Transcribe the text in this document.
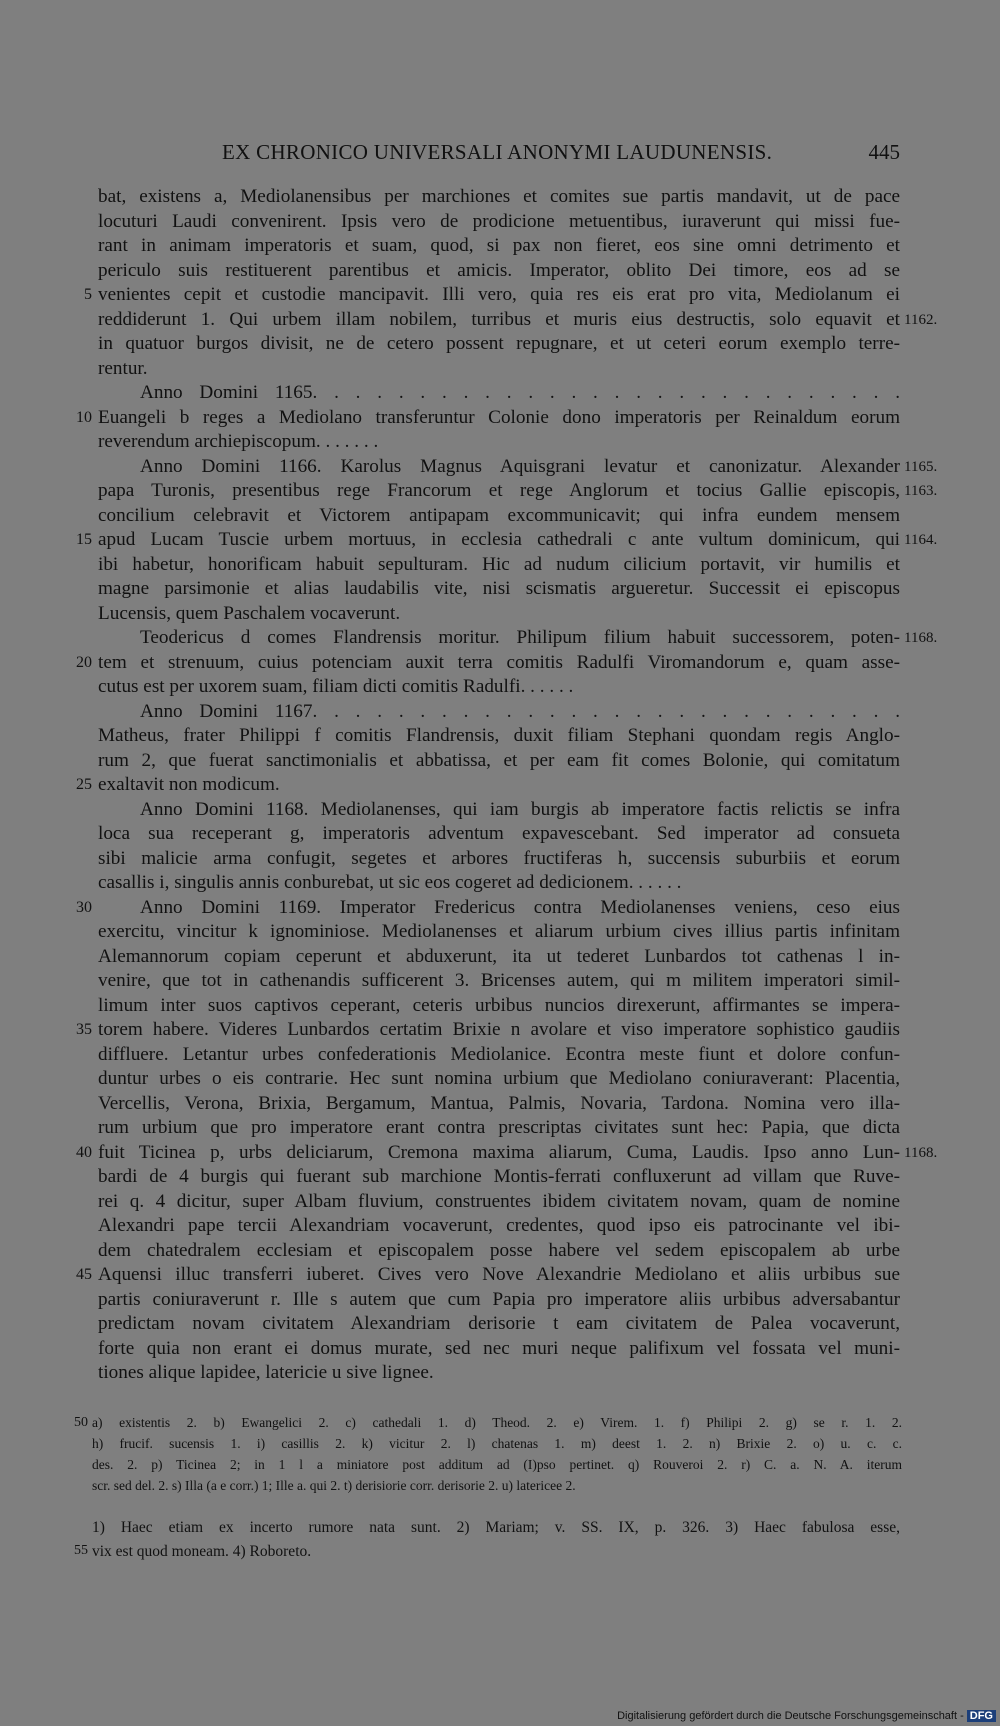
EX CHRONICO UNIVERSALI ANONYMI LAUDUNENSIS.	445
bat, existens a, Mediolanensibus per marchiones et comites sue partis mandavit, ut de pace
locuturi Laudi convenirent. Ipsis vero de prodicione metuentibus, iuraverunt qui missi fue-
rant in animam imperatoris et suam, quod, si pax non fieret, eos sine omni detrimento et
periculo suis restituerent parentibus et amicis. Imperator, oblito Dei timore, eos ad se
5 venientes cepit et custodie mancipavit. Illi vero, quia res eis erat pro vita, Mediolanum ei
reddiderunt 1. Qui urbem illam nobilem, turribus et muris eius destructis, solo equavit et 1162.
in quatuor burgos divisit, ne de cetero possent repugnare, et ut ceteri eorum exemplo terre-
rentur.
Anno Domini 1165. . . . . . . . . . . . . . . . . . . . . . . . . . . .
10 Euangeli b reges a Mediolano transferuntur Colonie dono imperatoris per Reinaldum eorum
reverendum archiepiscopum. . . . . . .
Anno Domini 1166. Karolus Magnus Aquisgrani levatur et canonizatur. Alexander 1165.
papa Turonis, presentibus rege Francorum et rege Anglorum et tocius Gallie episcopis, 1163.
concilium celebravit et Victorem antipapam excommunicavit; qui infra eundem mensem
15 apud Lucam Tuscie urbem mortuus, in ecclesia cathedrali c ante vultum dominicum, qui 1164.
ibi habetur, honorificam habuit sepulturam. Hic ad nudum cilicium portavit, vir humilis et
magne parsimonie et alias laudabilis vite, nisi scismatis argueretur. Successit ei episcopus
Lucensis, quem Paschalem vocaverunt.
Teodericus d comes Flandrensis moritur. Philipum filium habuit successorem, poten- 1168.
20 tem et strenuum, cuius potenciam auxit terra comitis Radulfi Viromandorum e, quam asse-
cutus est per uxorem suam, filiam dicti comitis Radulfi. . . . . .
Anno Domini 1167. . . . . . . . . . . . . . . . . . . . . . . . . . . .
Matheus, frater Philippi f comitis Flandrensis, duxit filiam Stephani quondam regis Anglo-
rum 2, que fuerat sanctimonialis et abbatissa, et per eam fit comes Bolonie, qui comitatum
25 exaltavit non modicum.
Anno Domini 1168. Mediolanenses, qui iam burgis ab imperatore factis relictis se infra
loca sua receperant g, imperatoris adventum expavescebant. Sed imperator ad consueta
sibi malicie arma confugit, segetes et arbores fructiferas h, succensis suburbiis et eorum
casallis i, singulis annis conburebat, ut sic eos cogeret ad dedicionem. . . . . .
30	Anno Domini 1169. Imperator Fredericus contra Mediolanenses veniens, ceso eius
exercitu, vincitur k ignominiose. Mediolanenses et aliarum urbium cives illius partis infinitam
Alemannorum copiam ceperunt et abduxerunt, ita ut tederet Lunbardos tot cathenas l in-
venire, que tot in cathenandis sufficerent 3. Bricenses autem, qui m militem imperatori simil-
limum inter suos captivos ceperant, ceteris urbibus nuncios direxerunt, affirmantes se impera-
35 torem habere. Videres Lunbardos certatim Brixie n avolare et viso imperatore sophistico gaudiis
diffluere. Letantur urbes confederationis Mediolanice. Econtra meste fiunt et dolore confun-
duntur urbes o eis contrarie. Hec sunt nomina urbium que Mediolano coniuraverant: Placentia,
Vercellis, Verona, Brixia, Bergamum, Mantua, Palmis, Novaria, Tardona. Nomina vero illa-
rum urbium que pro imperatore erant contra prescriptas civitates sunt hec: Papia, que dicta
40 fuit Ticinea p, urbs deliciarum, Cremona maxima aliarum, Cuma, Laudis. Ipso anno Lun- 1168.
bardi de 4 burgis qui fuerant sub marchione Montis-ferrati confluxerunt ad villam que Ruve-
rei q. 4 dicitur, super Albam fluvium, construentes ibidem civitatem novam, quam de nomine
Alexandri pape tercii Alexandriam vocaverunt, credentes, quod ipso eis patrocinante vel ibi-
dem chatedralem ecclesiam et episcopalem posse habere vel sedem episcopalem ab urbe
45 Aquensi illuc transferri iuberet. Cives vero Nove Alexandrie Mediolano et aliis urbibus sue
partis coniuraverunt r. Ille s autem que cum Papia pro imperatore aliis urbibus adversabantur
predictam novam civitatem Alexandriam derisorie t eam civitatem de Palea vocaverunt,
forte quia non erant ei domus murate, sed nec muri neque palifixum vel fossata vel muni-
tiones alique lapidee, latericie u sive lignee.
50 a) existentis 2. b) Ewangelici 2. c) cathedali 1. d) Theod. 2. e) Virem. 1. f) Philipi 2. g) se r. 1. 2.
h) frucif. sucensis 1. i) casillis 2. k) vicitur 2. l) chatenas 1. m) deest 1. 2. n) Brixie 2. o) u. c. c.
des. 2. p) Ticinea 2; in 1 l a miniatore post additum ad (I)pso pertinet. q) Rouveroi 2. r) C. a. N. A. iterum
scr. sed del. 2. s) Illa (a e corr.) 1; Ille a. qui 2. t) derisiorie corr. derisorie 2. u) latericee 2.
1) Haec etiam ex incerto rumore nata sunt. 2) Mariam; v. SS. IX, p. 326. 3) Haec fabulosa esse,
55 vix est quod moneam. 4) Roboreto.
Digitalisierung gefördert durch die Deutsche Forschungsgemeinschaft - DFG
